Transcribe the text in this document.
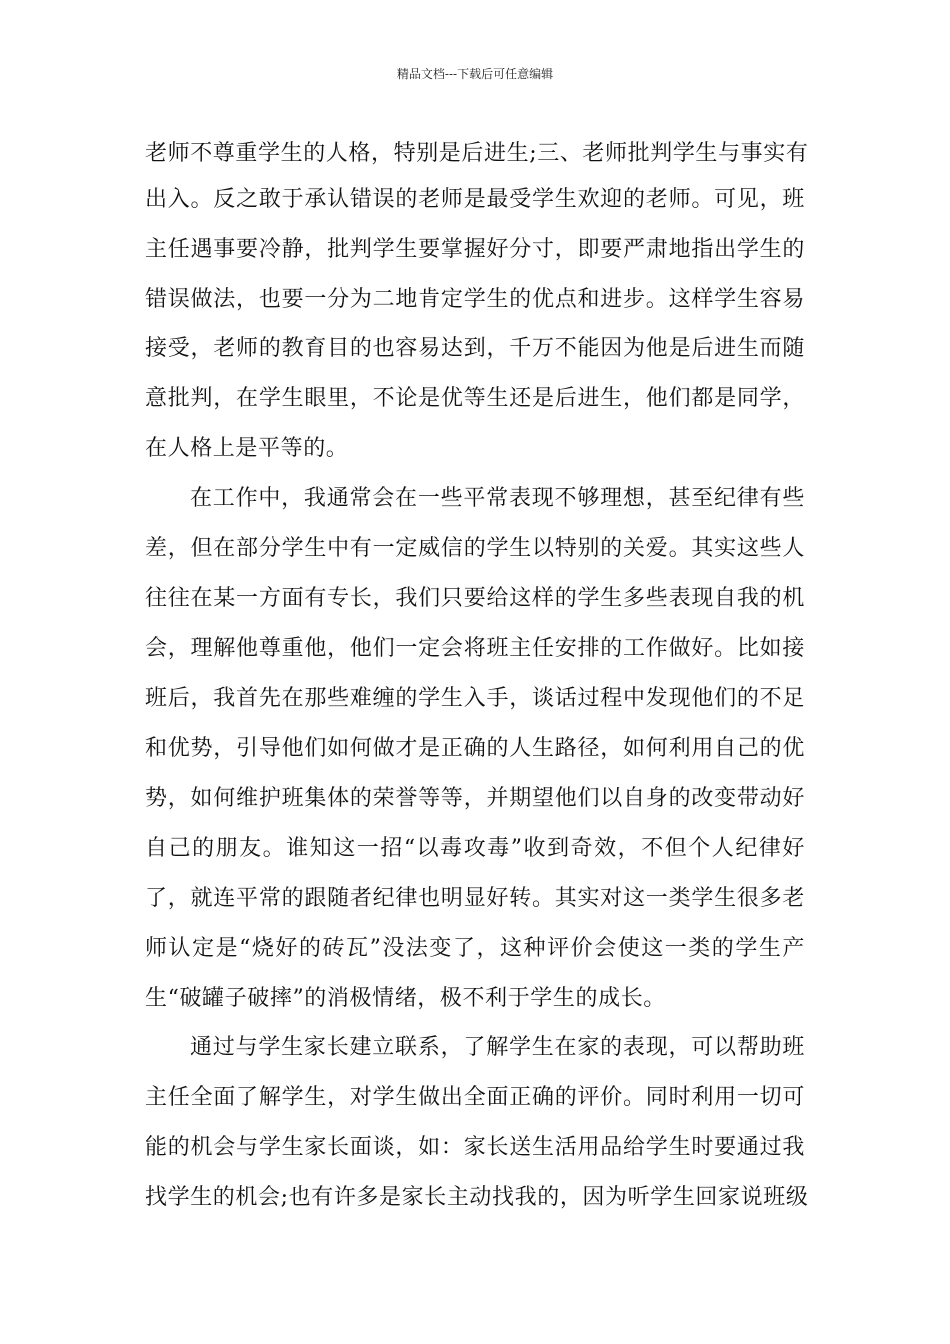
精品文档---下载后可任意编辑
老师不尊重学生的人格，特别是后进生;三、老师批判学生与事实有
出入。反之敢于承认错误的老师是最受学生欢迎的老师。可见，班
主任遇事要冷静，批判学生要掌握好分寸，即要严肃地指出学生的
错误做法，也要一分为二地肯定学生的优点和进步。这样学生容易
接受，老师的教育目的也容易达到，千万不能因为他是后进生而随
意批判，在学生眼里，不论是优等生还是后进生，他们都是同学，
在人格上是平等的。
在工作中，我通常会在一些平常表现不够理想，甚至纪律有些
差，但在部分学生中有一定威信的学生以特别的关爱。其实这些人
往往在某一方面有专长，我们只要给这样的学生多些表现自我的机
会，理解他尊重他，他们一定会将班主任安排的工作做好。比如接
班后，我首先在那些难缠的学生入手，谈话过程中发现他们的不足
和优势，引导他们如何做才是正确的人生路径，如何利用自己的优
势，如何维护班集体的荣誉等等，并期望他们以自身的改变带动好
自己的朋友。谁知这一招“以毒攻毒”收到奇效，不但个人纪律好
了，就连平常的跟随者纪律也明显好转。其实对这一类学生很多老
师认定是“烧好的砖瓦”没法变了，这种评价会使这一类的学生产
生“破罐子破摔”的消极情绪，极不利于学生的成长。
通过与学生家长建立联系，了解学生在家的表现，可以帮助班
主任全面了解学生，对学生做出全面正确的评价。同时利用一切可
能的机会与学生家长面谈，如：家长送生活用品给学生时要通过我
找学生的机会;也有许多是家长主动找我的，因为听学生回家说班级
